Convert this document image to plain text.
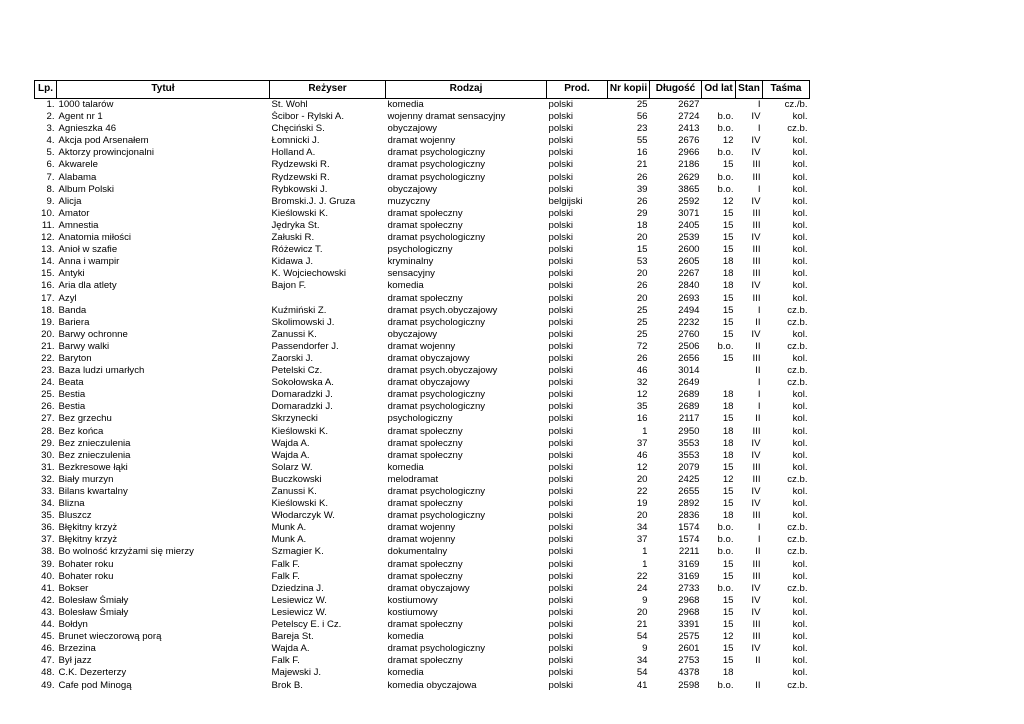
Lp.	Tytuł	Reżyser	Rodzaj	Prod.	Nr kopii	Długość	Od lat	Stan	Taśma
1.	1000 talarów	St. Wohl	komedia	polski	25	2627		I	cz./b.
2.	Agent nr 1	Ścibor - Rylski A.	wojenny dramat sensacyjny	polski	56	2724	b.o.	IV	kol.
3.	Agnieszka 46	Chęciński S.	obyczajowy	polski	23	2413	b.o.	I	cz.b.
4.	Akcja pod Arsenałem	Łomnicki J.	dramat wojenny	polski	55	2676	12	IV	kol.
5.	Aktorzy prowincjonalni	Holland A.	dramat psychologiczny	polski	16	2966	b.o.	IV	kol.
6.	Akwarele	Rydzewski R.	dramat psychologiczny	polski	21	2186	15	III	kol.
7.	Alabama	Rydzewski R.	dramat psychologiczny	polski	26	2629	b.o.	III	kol.
8.	Album Polski	Rybkowski J.	obyczajowy	polski	39	3865	b.o.	I	kol.
9.	Alicja	Bromski.J. J. Gruza	muzyczny	belgijski	26	2592	12	IV	kol.
10.	Amator	Kieślowski K.	dramat społeczny	polski	29	3071	15	III	kol.
11.	Amnestia	Jędryka St.	dramat społeczny	polski	18	2405	15	III	kol.
12.	Anatomia miłości	Załuski R.	dramat psychologiczny	polski	20	2539	15	IV	kol.
13.	Anioł w szafie	Różewicz T.	psychologiczny	polski	15	2600	15	III	kol.
14.	Anna i wampir	Kidawa J.	kryminalny	polski	53	2605	18	III	kol.
15.	Antyki	K. Wojciechowski	sensacyjny	polski	20	2267	18	III	kol.
16.	Aria dla atlety	Bajon F.	komedia	polski	26	2840	18	IV	kol.
17.	Azyl		dramat społeczny	polski	20	2693	15	III	kol.
18.	Banda	Kuźmiński Z.	dramat psych.obyczajowy	polski	25	2494	15	I	cz.b.
19.	Bariera	Skolimowski J.	dramat psychologiczny	polski	25	2232	15	II	cz.b.
20.	Barwy ochronne	Zanussi K.	obyczajowy	polski	25	2760	15	IV	kol.
21.	Barwy walki	Passendorfer J.	dramat wojenny	polski	72	2506	b.o.	II	cz.b.
22.	Baryton	Zaorski J.	dramat obyczajowy	polski	26	2656	15	III	kol.
23.	Baza ludzi umarłych	Petelski Cz.	dramat psych.obyczajowy	polski	46	3014		II	cz.b.
24.	Beata	Sokołowska A.	dramat obyczajowy	polski	32	2649		I	cz.b.
25.	Bestia	Domaradzki J.	dramat psychologiczny	polski	12	2689	18	I	kol.
26.	Bestia	Domaradzki J.	dramat psychologiczny	polski	35	2689	18	I	kol.
27.	Bez grzechu	Skrzynecki	psychologiczny	polski	16	2117	15	II	kol.
28.	Bez końca	Kieślowski K.	dramat społeczny	polski	1	2950	18	III	kol.
29.	Bez znieczulenia	Wajda A.	dramat społeczny	polski	37	3553	18	IV	kol.
30.	Bez znieczulenia	Wajda A.	dramat społeczny	polski	46	3553	18	IV	kol.
31.	Bezkresowe łąki	Solarz W.	komedia	polski	12	2079	15	III	kol.
32.	Biały murzyn	Buczkowski	melodramat	polski	20	2425	12	III	cz.b.
33.	Bilans kwartalny	Zanussi K.	dramat psychologiczny	polski	22	2655	15	IV	kol.
34.	Blizna	Kieślowski K.	dramat społeczny	polski	19	2892	15	IV	kol.
35.	Bluszcz	Włodarczyk W.	dramat psychologiczny	polski	20	2836	18	III	kol.
36.	Błękitny krzyż	Munk A.	dramat wojenny	polski	34	1574	b.o.	I	cz.b.
37.	Błękitny krzyż	Munk A.	dramat wojenny	polski	37	1574	b.o.	I	cz.b.
38.	Bo wolność krzyżami się mierzy	Szmagier K.	dokumentalny	polski	1	2211	b.o.	II	cz.b.
39.	Bohater roku	Falk F.	dramat społeczny	polski	1	3169	15	III	kol.
40.	Bohater roku	Falk F.	dramat społeczny	polski	22	3169	15	III	kol.
41.	Bokser	Dziedzina J.	dramat obyczajowy	polski	24	2733	b.o.	IV	cz.b.
42.	Bolesław Śmiały	Lesiewicz W.	kostiumowy	polski	9	2968	15	IV	kol.
43.	Bolesław Śmiały	Lesiewicz W.	kostiumowy	polski	20	2968	15	IV	kol.
44.	Bołdyn	Petelscy E. i Cz.	dramat społeczny	polski	21	3391	15	III	kol.
45.	Brunet wieczorową porą	Bareja St.	komedia	polski	54	2575	12	III	kol.
46.	Brzezina	Wajda A.	dramat psychologiczny	polski	9	2601	15	IV	kol.
47.	Był jazz	Falk F.	dramat społeczny	polski	34	2753	15	II	kol.
48.	C.K. Dezerterzy	Majewski J.	komedia	polski	54	4378	18		kol.
49.	Cafe pod Minogą	Brok B.	komedia obyczajowa	polski	41	2598	b.o.	II	cz.b.
